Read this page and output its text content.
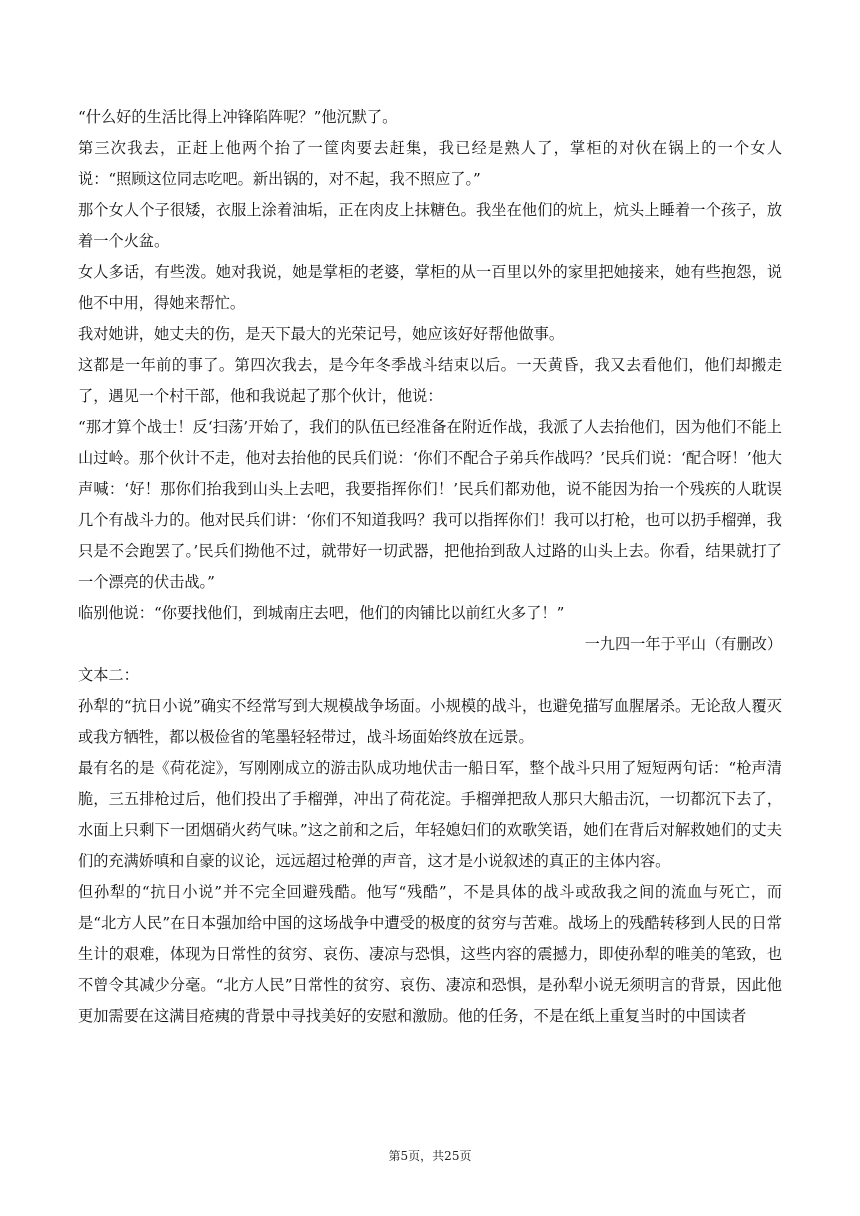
“什么好的生活比得上冲锋陷阵呢？”他沉默了。

第三次我去，正赶上他两个抬了一筐肉要去赶集，我已经是熟人了，掌柜的对伙在锅上的一个女人说：“照顾这位同志吃吧。新出锅的，对不起，我不照应了。”

那个女人个子很矮，衣服上涂着油垢，正在肉皮上抹糖色。我坐在他们的炕上，炕头上睡着一个孩子，放着一个火盆。

女人多话，有些泼。她对我说，她是掌柜的老婆，掌柜的从一百里以外的家里把她接来，她有些抱怨，说他不中用，得她来帮忙。

我对她讲，她丈夫的伤，是天下最大的光荣记号，她应该好好帮他做事。

这都是一年前的事了。第四次我去，是今年冬季战斗结束以后。一天黄昏，我又去看他们，他们却搬走了，遇见一个村干部，他和我说起了那个伙计，他说：

“那才算个战士！反‘扫荡’开始了，我们的队伍已经准备在附近作战，我派了人去抬他们，因为他们不能上山过岭。那个伙计不走，他对去抬他的民兵们说：‘你们不配合子弟兵作战吗？’民兵们说：‘配合呀！’他大声喊：‘好！那你们抬我到山头上去吧，我要指挥你们！’民兵们都劝他，说不能因为抬一个残疾的人耽误几个有战斗力的。他对民兵们讲：‘你们不知道我吗？我可以指挥你们！我可以打枪，也可以扔手榴弹，我只是不会跑罢了。’民兵们拗他不过，就带好一切武器，把他抬到敌人过路的山头上去。你看，结果就打了一个漂亮的伏击战。”

临别他说：“你要找他们，到城南庄去吧，他们的肉铺比以前红火多了！”

一九四一年于平山（有删改）

文本二：

孙犁的“抗日小说”确实不经常写到大规模战争场面。小规模的战斗，也避免描写血腥屠杀。无论敌人覆灭或我方牺牲，都以极俭省的笔墨轻轻带过，战斗场面始终放在远景。

最有名的是《荷花淀》，写刚刚成立的游击队成功地伏击一船日军，整个战斗只用了短短两句话：“枪声清脆，三五排枪过后，他们投出了手榴弹，冲出了荷花淀。手榴弹把敌人那只大船击沉，一切都沉下去了，水面上只剩下一团烟硝火药气味。”这之前和之后，年轻媳妇们的欢歌笑语，她们在背后对解救她们的丈夫们的充满娇嗔和自豪的议论，远远超过枪弹的声音，这才是小说叙述的真正的主体内容。

但孙犁的“抗日小说”并不完全回避残酷。他写“残酷”，不是具体的战斗或敌我之间的流血与死亡，而是“北方人民”在日本强加给中国的这场战争中遭受的极度的贫穷与苦难。战场上的残酷转移到人民的日常生计的艰难，体现为日常性的贫穷、哀伤、凄凉与恐惧，这些内容的震撼力，即使孙犁的唯美的笔致，也不曾令其减少分毫。“北方人民”日常性的贫穷、哀伤、凄凉和恐惧，是孙犁小说无须明言的背景，因此他更加需要在这满目疮痍的背景中寻找美好的安慰和激励。他的任务，不是在纸上重复当时的中国读者

第5页，共25页
